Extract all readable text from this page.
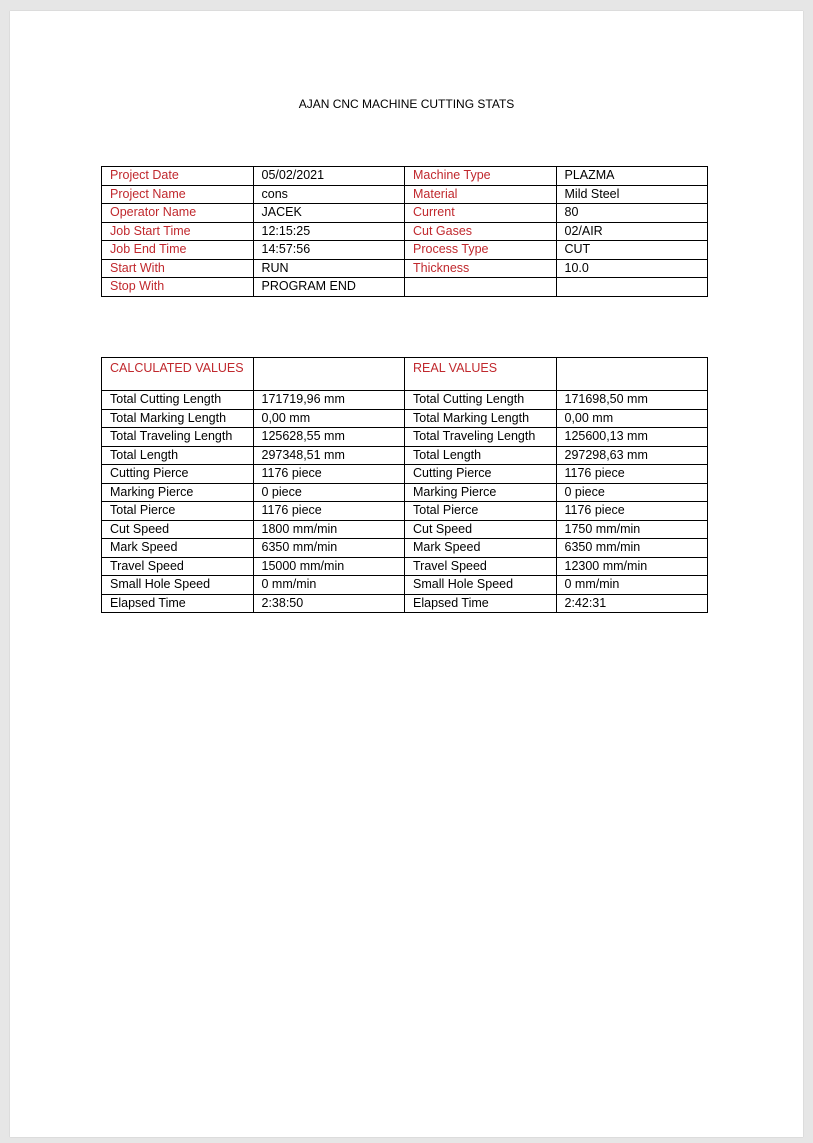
AJAN CNC MACHINE CUTTING STATS
Project Date	05/02/2021	Machine Type	PLAZMA
Project Name	cons	Material	Mild Steel
Operator Name	JACEK	Current	80
Job Start Time	12:15:25	Cut Gases	02/AIR
Job End Time	14:57:56	Process Type	CUT
Start With	RUN	Thickness	10.0
Stop With	PROGRAM END		
CALCULATED VALUES		REAL VALUES	
Total Cutting Length	171719,96 mm	Total Cutting Length	171698,50 mm
Total Marking Length	0,00 mm	Total Marking Length	0,00 mm
Total Traveling Length	125628,55 mm	Total Traveling Length	125600,13 mm
Total Length	297348,51 mm	Total Length	297298,63 mm
Cutting Pierce	1176 piece	Cutting Pierce	1176 piece
Marking Pierce	0 piece	Marking Pierce	0 piece
Total Pierce	1176 piece	Total Pierce	1176 piece
Cut Speed	1800 mm/min	Cut Speed	1750 mm/min
Mark Speed	6350 mm/min	Mark Speed	6350 mm/min
Travel Speed	15000 mm/min	Travel Speed	12300 mm/min
Small Hole Speed	0 mm/min	Small Hole Speed	0 mm/min
Elapsed Time	2:38:50	Elapsed Time	2:42:31
